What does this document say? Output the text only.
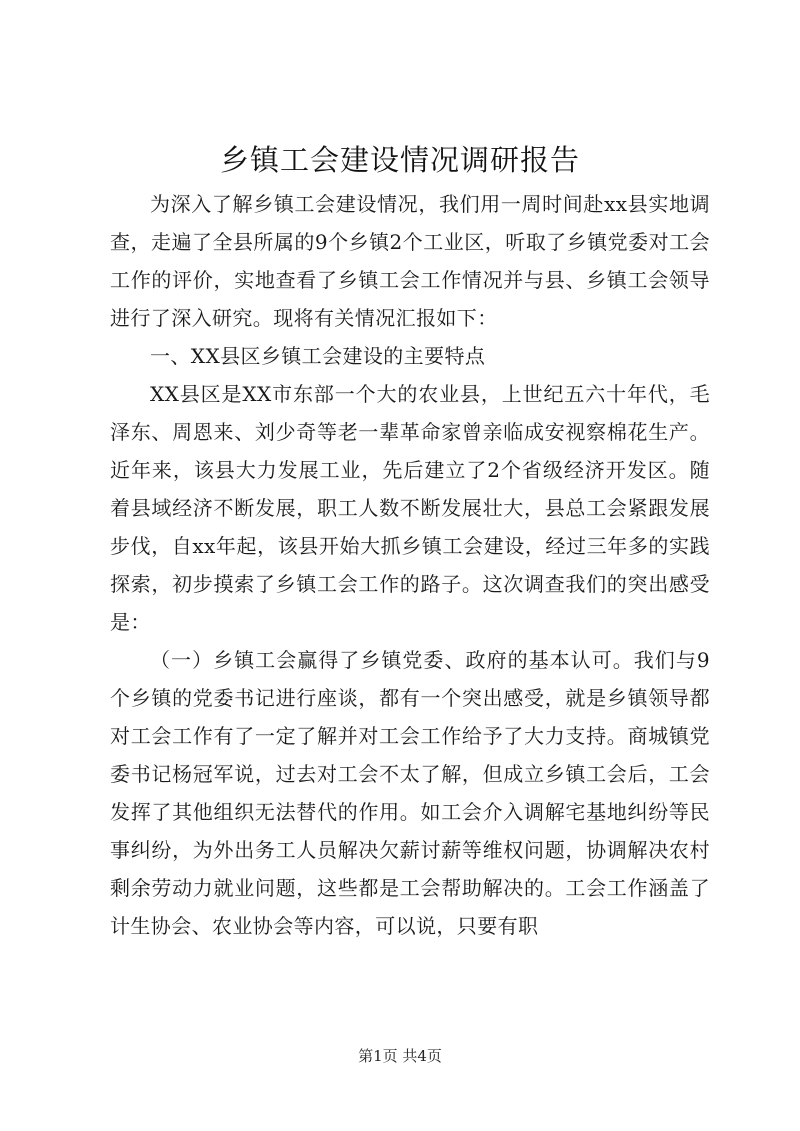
乡镇工会建设情况调研报告

为深入了解乡镇工会建设情况，我们用一周时间赴xx县实地调查，走遍了全县所属的9个乡镇2个工业区，听取了乡镇党委对工会工作的评价，实地查看了乡镇工会工作情况并与县、乡镇工会领导进行了深入研究。现将有关情况汇报如下：

一、XX县区乡镇工会建设的主要特点

XX县区是XX市东部一个大的农业县，上世纪五六十年代，毛泽东、周恩来、刘少奇等老一辈革命家曾亲临成安视察棉花生产。近年来，该县大力发展工业，先后建立了2个省级经济开发区。随着县域经济不断发展，职工人数不断发展壮大，县总工会紧跟发展步伐，自xx年起，该县开始大抓乡镇工会建设，经过三年多的实践探索，初步摸索了乡镇工会工作的路子。这次调查我们的突出感受是：

（一）乡镇工会赢得了乡镇党委、政府的基本认可。我们与9个乡镇的党委书记进行座谈，都有一个突出感受，就是乡镇领导都对工会工作有了一定了解并对工会工作给予了大力支持。商城镇党委书记杨冠军说，过去对工会不太了解，但成立乡镇工会后，工会发挥了其他组织无法替代的作用。如工会介入调解宅基地纠纷等民事纠纷，为外出务工人员解决欠薪讨薪等维权问题，协调解决农村剩余劳动力就业问题，这些都是工会帮助解决的。工会工作涵盖了计生协会、农业协会等内容，可以说，只要有职

第1页 共4页
